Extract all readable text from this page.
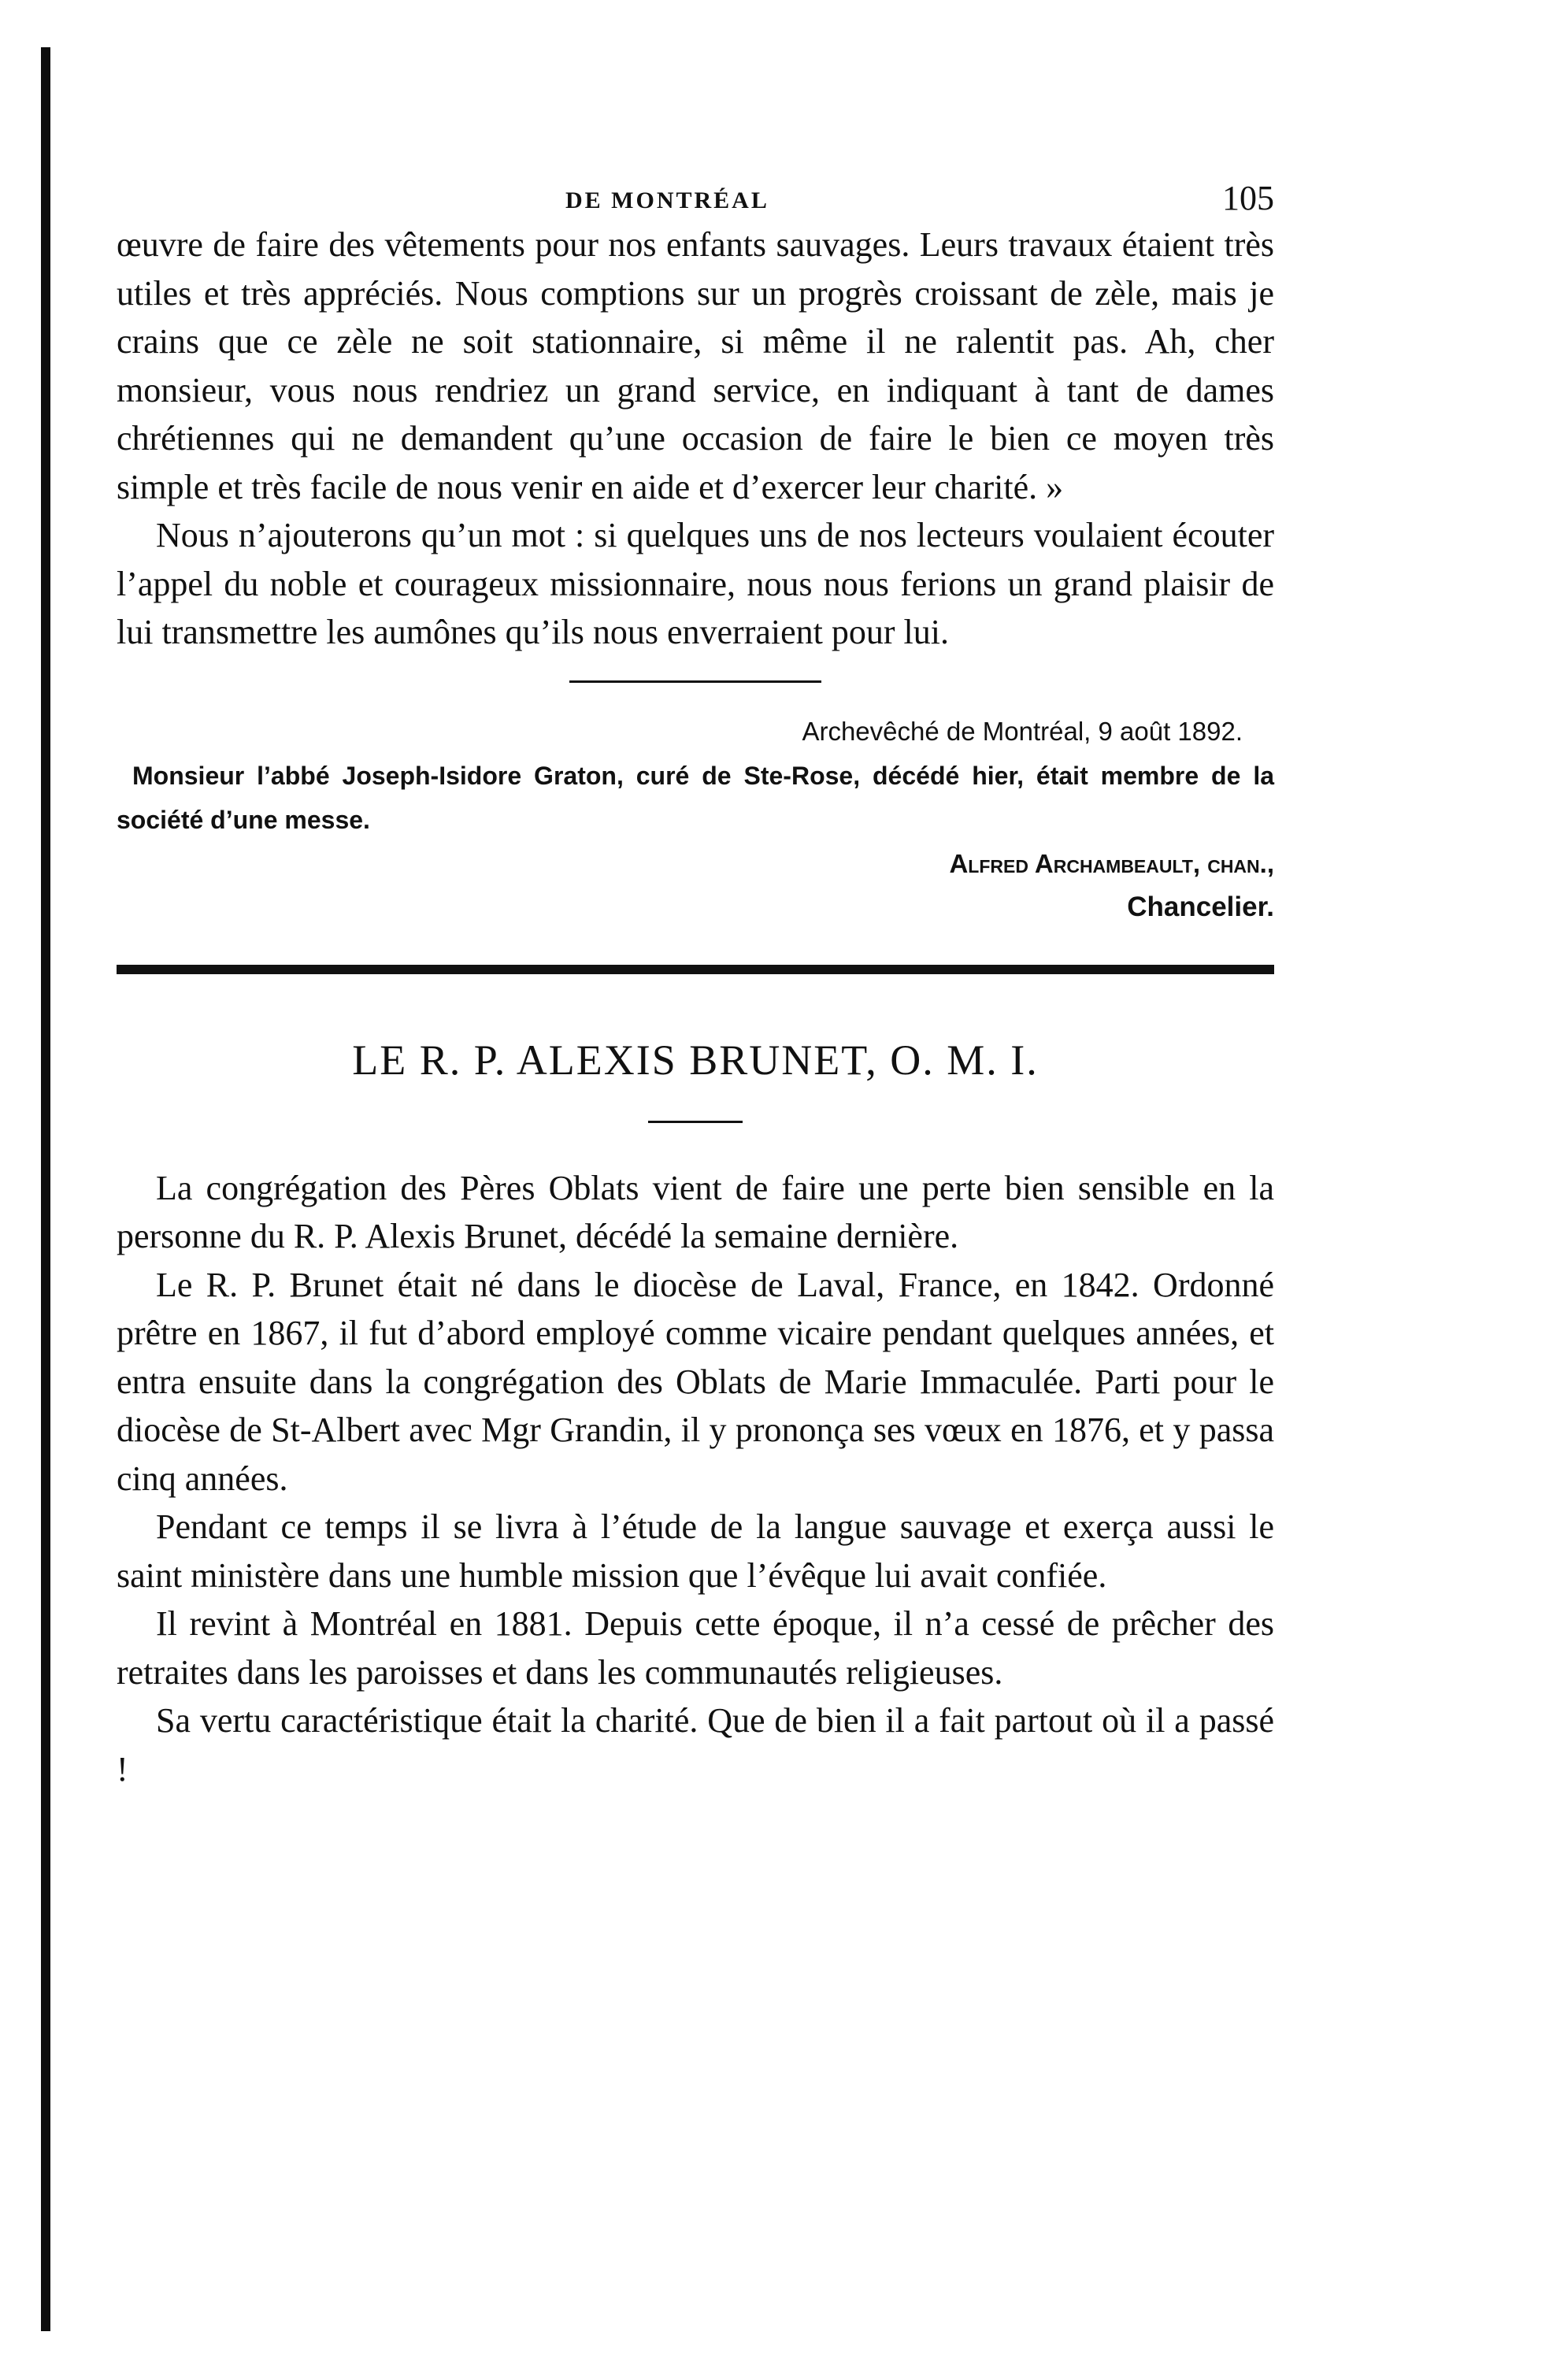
DE MONTRÉAL	105

œuvre de faire des vêtements pour nos enfants sauvages. Leurs travaux étaient très utiles et très appréciés. Nous comptions sur un progrès croissant de zèle, mais je crains que ce zèle ne soit stationnaire, si même il ne ralentit pas. Ah, cher monsieur, vous nous rendriez un grand service, en indiquant à tant de dames chrétiennes qui ne demandent qu’une occasion de faire le bien ce moyen très simple et très facile de nous venir en aide et d’exercer leur charité. »

Nous n’ajouterons qu’un mot : si quelques uns de nos lecteurs voulaient écouter l’appel du noble et courageux missionnaire, nous nous ferions un grand plaisir de lui transmettre les aumônes qu’ils nous enverraient pour lui.

Archevêché de Montréal, 9 août 1892.
Monsieur l’abbé Joseph-Isidore Graton, curé de Ste-Rose, décédé hier, était membre de la société d’une messe.
Alfred Archambeault, chan.,
Chancelier.
LE R. P. ALEXIS BRUNET, O. M. I.

La congrégation des Pères Oblats vient de faire une perte bien sensible en la personne du R. P. Alexis Brunet, décédé la semaine dernière.

Le R. P. Brunet était né dans le diocèse de Laval, France, en 1842. Ordonné prêtre en 1867, il fut d’abord employé comme vicaire pendant quelques années, et entra ensuite dans la congrégation des Oblats de Marie Immaculée. Parti pour le diocèse de St-Albert avec Mgr Grandin, il y prononça ses vœux en 1876, et y passa cinq années.

Pendant ce temps il se livra à l’étude de la langue sauvage et exerça aussi le saint ministère dans une humble mission que l’évêque lui avait confiée.

Il revint à Montréal en 1881. Depuis cette époque, il n’a cessé de prêcher des retraites dans les paroisses et dans les communautés religieuses.

Sa vertu caractéristique était la charité. Que de bien il a fait partout où il a passé !
